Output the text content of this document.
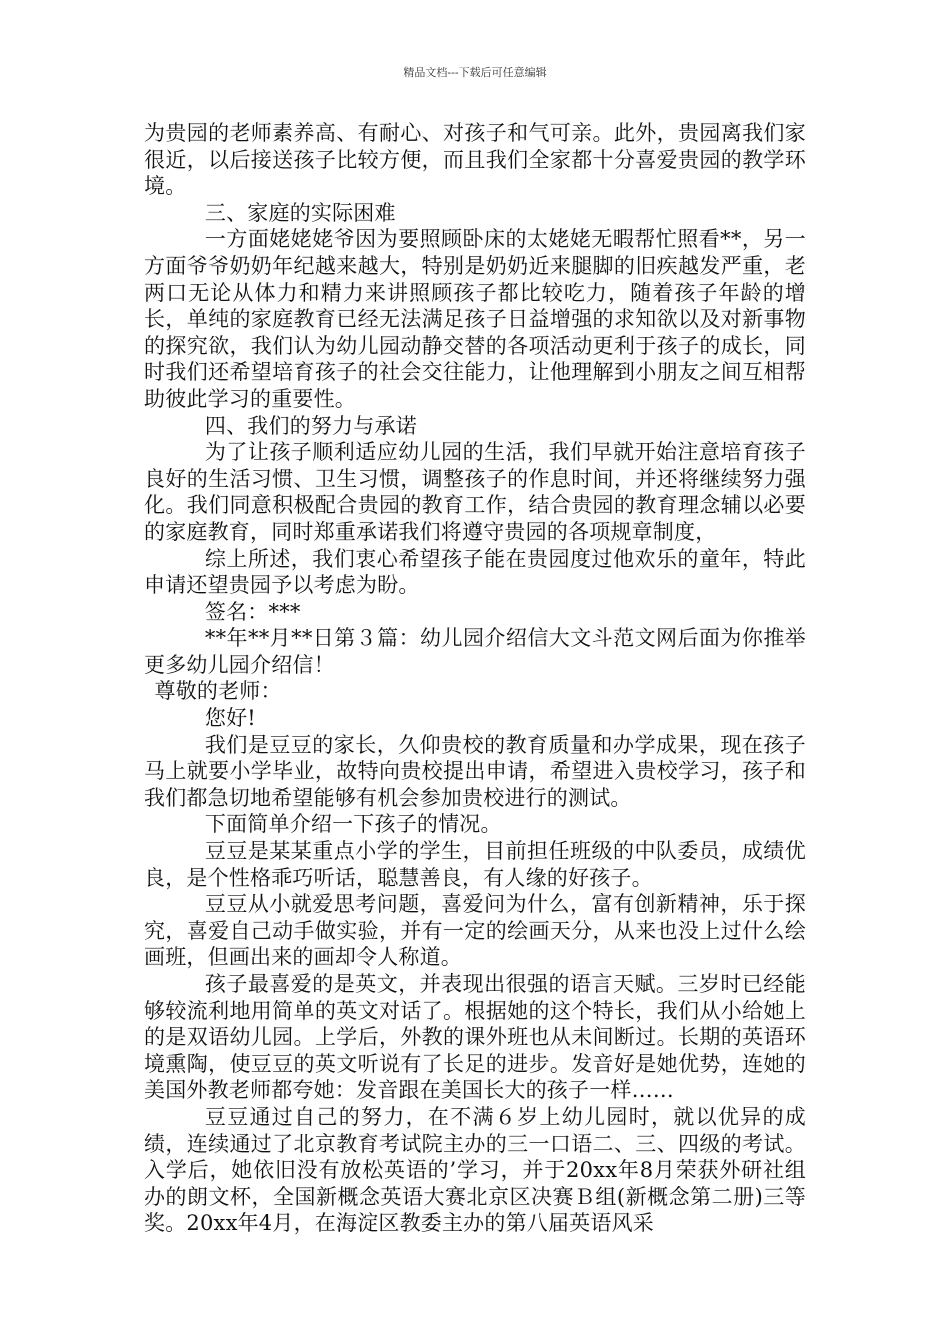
精品文档---下载后可任意编辑

为贵园的老师素养高、有耐心、对孩子和气可亲。此外，贵园离我们家很近，以后接送孩子比较方便，而且我们全家都十分喜爱贵园的教学环境。

三、家庭的实际困难

一方面姥姥姥爷因为要照顾卧床的太姥姥无暇帮忙照看**，另一方面爷爷奶奶年纪越来越大，特别是奶奶近来腿脚的旧疾越发严重，老两口无论从体力和精力来讲照顾孩子都比较吃力，随着孩子年龄的增长，单纯的家庭教育已经无法满足孩子日益增强的求知欲以及对新事物的探究欲，我们认为幼儿园动静交替的各项活动更利于孩子的成长，同时我们还希望培育孩子的社会交往能力，让他理解到小朋友之间互相帮助彼此学习的重要性。

四、我们的努力与承诺

为了让孩子顺利适应幼儿园的生活，我们早就开始注意培育孩子良好的生活习惯、卫生习惯，调整孩子的作息时间，并还将继续努力强化。我们同意积极配合贵园的教育工作，结合贵园的教育理念辅以必要的家庭教育，同时郑重承诺我们将遵守贵园的各项规章制度，

综上所述，我们衷心希望孩子能在贵园度过他欢乐的童年，特此申请还望贵园予以考虑为盼。

签名：***

**年**月**日第３篇：幼儿园介绍信大文斗范文网后面为你推举更多幼儿园介绍信！

尊敬的老师：

您好!

我们是豆豆的家长，久仰贵校的教育质量和办学成果，现在孩子马上就要小学毕业，故特向贵校提出申请，希望进入贵校学习，孩子和我们都急切地希望能够有机会参加贵校进行的测试。

下面简单介绍一下孩子的情况。

豆豆是某某重点小学的学生，目前担任班级的中队委员，成绩优良，是个性格乖巧听话，聪慧善良，有人缘的好孩子。

豆豆从小就爱思考问题，喜爱问为什么，富有创新精神，乐于探究，喜爱自己动手做实验，并有一定的绘画天分，从来也没上过什么绘画班，但画出来的画却令人称道。

孩子最喜爱的是英文，并表现出很强的语言天赋。三岁时已经能够较流利地用简单的英文对话了。根据她的这个特长，我们从小给她上的是双语幼儿园。上学后，外教的课外班也从未间断过。长期的英语环境熏陶，使豆豆的英文听说有了长足的进步。发音好是她优势，连她的美国外教老师都夸她：发音跟在美国长大的孩子一样……

豆豆通过自己的努力，在不满６岁上幼儿园时，就以优异的成绩，连续通过了北京教育考试院主办的三一口语二、三、四级的考试。入学后，她依旧没有放松英语的’学习，并于20xx年8月荣获外研社组办的朗文杯，全国新概念英语大赛北京区决赛Ｂ组(新概念第二册)三等奖。20xx年4月，在海淀区教委主办的第八届英语风采
